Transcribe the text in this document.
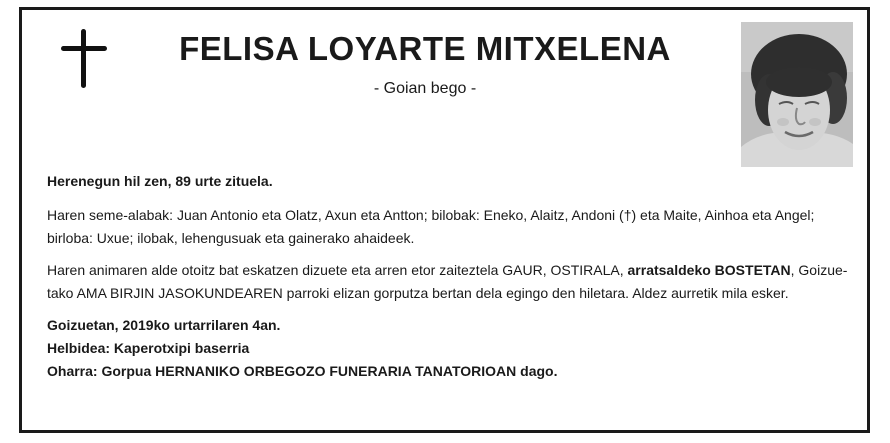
FELISA LOYARTE MITXELENA
- Goian bego -

Herenegun hil zen, 89 urte zituela.

Haren seme-alabak: Juan Antonio eta Olatz, Axun eta Antton; bilobak: Eneko, Alaitz, Andoni (†) eta Maite, Ainhoa eta Angel;
birloba: Uxue; ilobak, lehengusuak eta gainerako ahaideek.

Haren animaren alde otoitz bat eskatzen dizuete eta arren etor zaiteztela GAUR, OSTIRALA, arratsaldeko BOSTETAN, Goizue-
tako AMA BIRJIN JASOKUNDEAREN parroki elizan gorputza bertan dela egingo den hiletara. Aldez aurretik mila esker.

Goizuetan, 2019ko urtarrilaren 4an.

Helbidea: Kaperotxipi baserria

Oharra: Gorpua HERNANIKO ORBEGOZO FUNERARIA TANATORIOAN dago.
